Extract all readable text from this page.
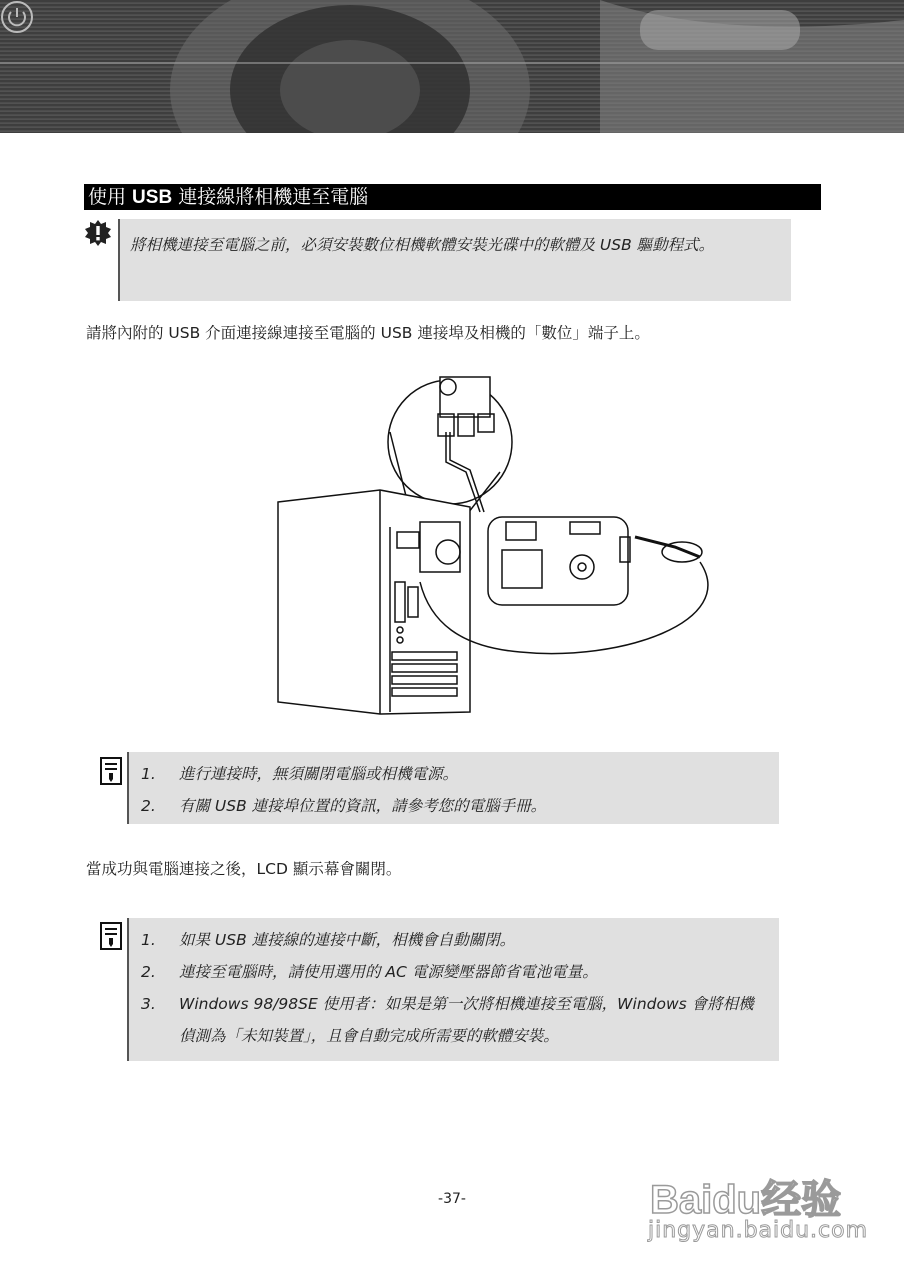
使用 USB 連接線將相機連至電腦
將相機連接至電腦之前，必須安裝數位相機軟體安裝光碟中的軟體及 USB 驅動程式。
請將內附的 USB 介面連接線連接至電腦的 USB 連接埠及相機的「數位」端子上。
1.	進行連接時，無須關閉電腦或相機電源。
2.	有關 USB 連接埠位置的資訊，請參考您的電腦手冊。
當成功與電腦連接之後，LCD 顯示幕會關閉。
1.	如果 USB 連接線的連接中斷，相機會自動關閉。
2.	連接至電腦時，請使用選用的 AC 電源變壓器節省電池電量。
3.	Windows 98/98SE 使用者：如果是第一次將相機連接至電腦，Windows 會將相機偵測為「未知裝置」，且會自動完成所需要的軟體安裝。
-37-	Baidu经验
jingyan.baidu.com
